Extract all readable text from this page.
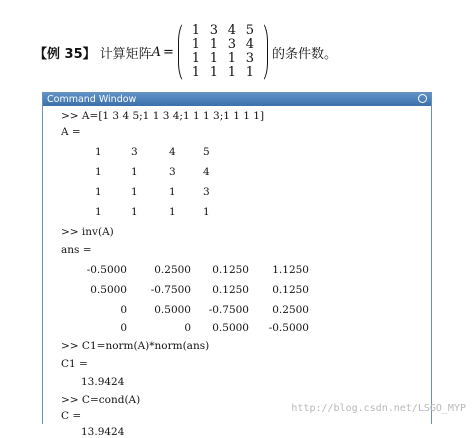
【例 35】 计算矩阵 A =
1 3 4 5
1 1 3 4
1 1 1 3
1 1 1 1
的条件数。
Command Window
>> A=[1 3 4 5;1 1 3 4;1 1 1 3;1 1 1 1]
A =
1	3	4	5
1	1	3	4
1	1	1	3
1	1	1	1
>> inv(A)
ans =
-0.5000	0.2500	0.1250	1.1250
0.5000	-0.7500	0.1250	0.1250
0	0.5000	-0.7500	0.2500
0	0	0.5000	-0.5000
>> C1=norm(A)*norm(ans)
C1 =
13.9424
>> C=cond(A)
C =
13.9424
http://blog.csdn.net/LSGO_MYP
